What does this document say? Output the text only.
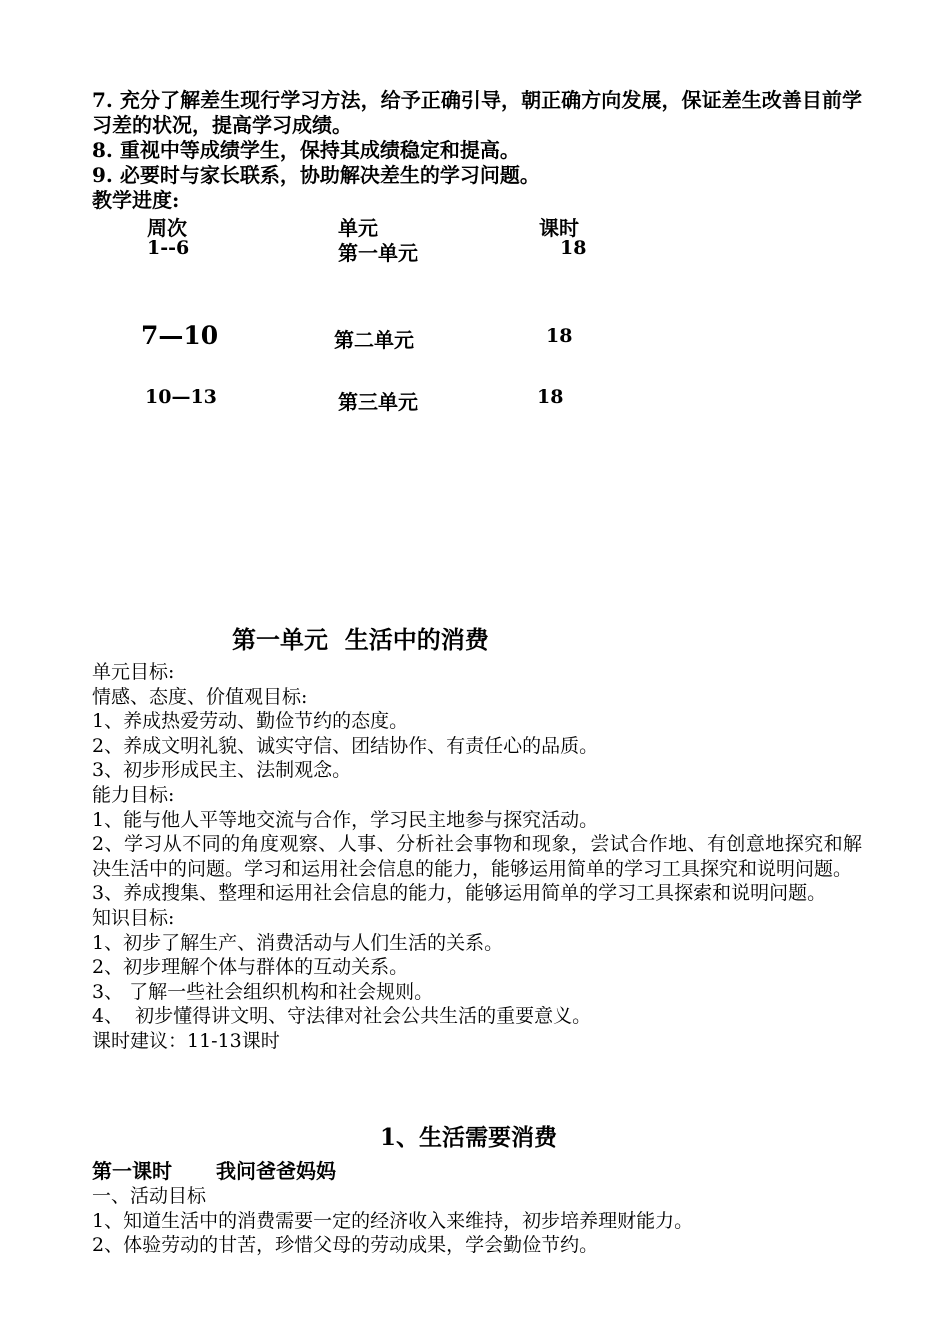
7. 充分了解差生现行学习方法，给予正确引导，朝正确方向发展，保证差生改善目前学习差的状况，提高学习成绩。
8. 重视中等成绩学生，保持其成绩稳定和提高。
9. 必要时与家长联系，协助解决差生的学习问题。
教学进度:
周次	单元	课时
1--6	第一单元	18
7—10	第二单元	18
10—13	第三单元	18
第一单元  生活中的消费
单元目标:
情感、态度、价值观目标:
1、养成热爱劳动、勤俭节约的态度。
2、养成文明礼貌、诚实守信、团结协作、有责任心的品质。
3、初步形成民主、法制观念。
能力目标:
1、能与他人平等地交流与合作，学习民主地参与探究活动。
2、学习从不同的角度观察、人事、分析社会事物和现象，尝试合作地、有创意地探究和解决生活中的问题。学习和运用社会信息的能力，能够运用简单的学习工具探究和说明问题。
3、养成搜集、整理和运用社会信息的能力，能够运用简单的学习工具探索和说明问题。
知识目标:
1、初步了解生产、消费活动与人们生活的关系。
2、初步理解个体与群体的互动关系。
3、 了解一些社会组织机构和社会规则。
4、  初步懂得讲文明、守法律对社会公共生活的重要意义。
课时建议：11-13课时
1、生活需要消费
第一课时 我问爸爸妈妈
一、活动目标
1、知道生活中的消费需要一定的经济收入来维持，初步培养理财能力。
2、体验劳动的甘苦，珍惜父母的劳动成果，学会勤俭节约。
